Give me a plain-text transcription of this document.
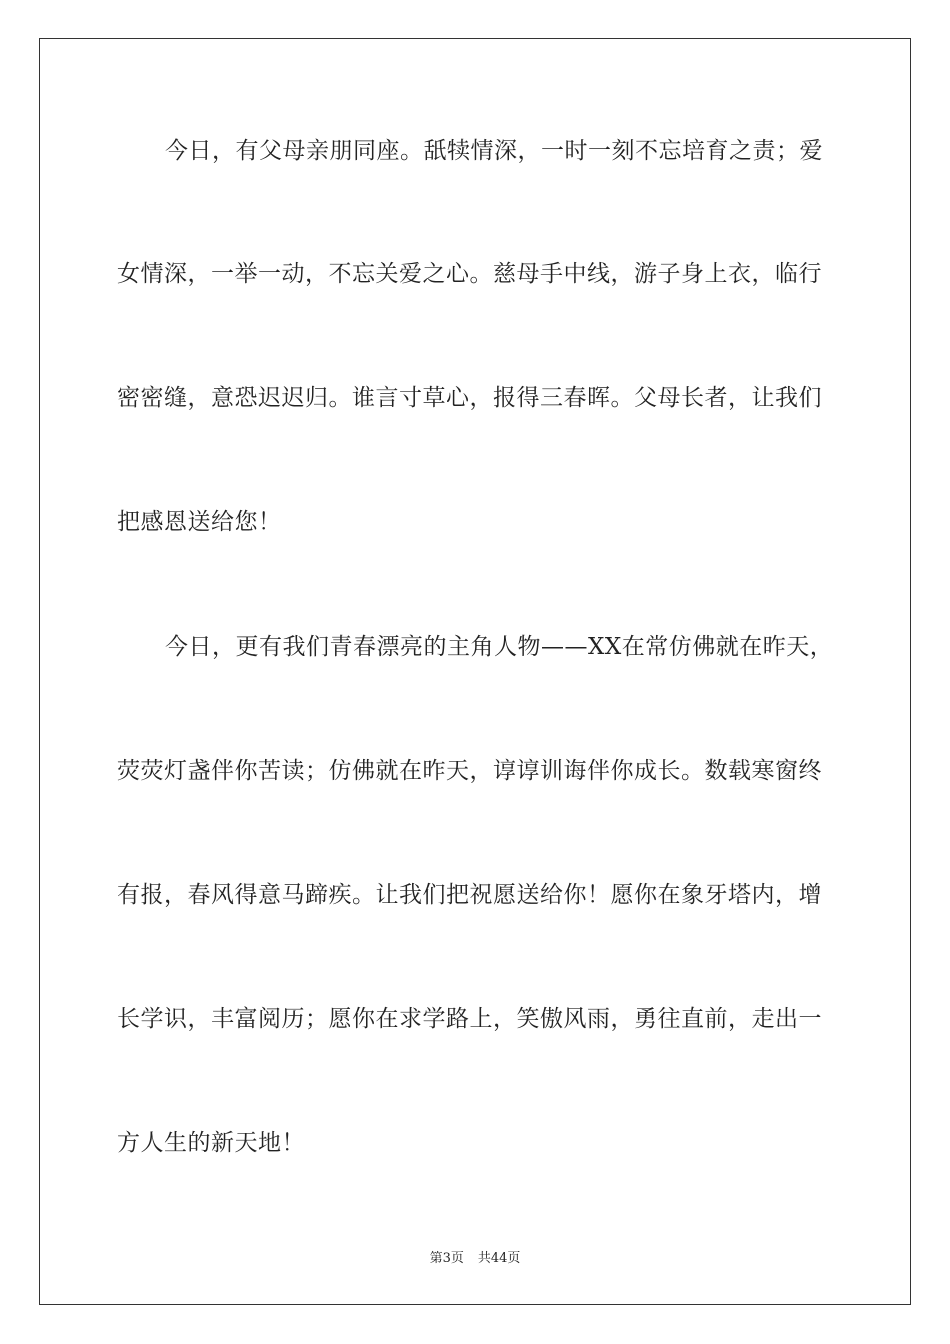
今日，有父母亲朋同座。舐犊情深，一时一刻不忘培育之责；爱
女情深，一举一动，不忘关爱之心。慈母手中线，游子身上衣，临行
密密缝，意恐迟迟归。谁言寸草心，报得三春晖。父母长者，让我们
把感恩送给您！
今日，更有我们青春漂亮的主角人物——XX在常仿佛就在昨天，
荧荧灯盏伴你苦读；仿佛就在昨天，谆谆训诲伴你成长。数载寒窗终
有报，春风得意马蹄疾。让我们把祝愿送给你！愿你在象牙塔内，增
长学识，丰富阅历；愿你在求学路上，笑傲风雨，勇往直前，走出一
方人生的新天地！
第3页 共44页
